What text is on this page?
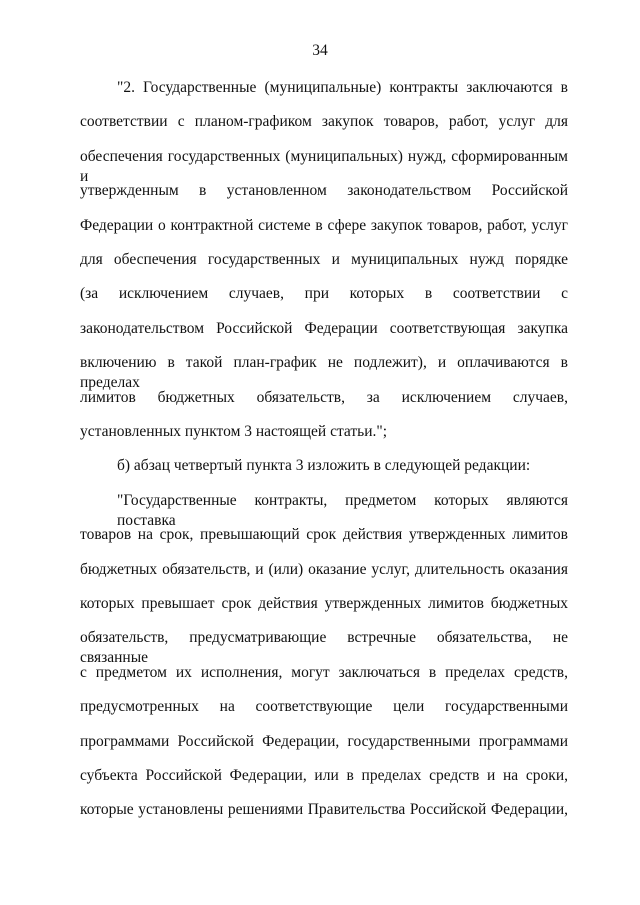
34
"2. Государственные (муниципальные) контракты заключаются в
соответствии с планом-графиком закупок товаров, работ, услуг для
обеспечения государственных (муниципальных) нужд, сформированным и
утвержденным в установленном законодательством Российской
Федерации о контрактной системе в сфере закупок товаров, работ, услуг
для обеспечения государственных и муниципальных нужд порядке
(за исключением случаев, при которых в соответствии с
законодательством Российской Федерации соответствующая закупка
включению в такой план-график не подлежит), и оплачиваются в пределах
лимитов бюджетных обязательств, за исключением случаев,
установленных пунктом 3 настоящей статьи.";
б) абзац четвертый пункта 3 изложить в следующей редакции:
"Государственные контракты, предметом которых являются поставка
товаров на срок, превышающий срок действия утвержденных лимитов
бюджетных обязательств, и (или) оказание услуг, длительность оказания
которых превышает срок действия утвержденных лимитов бюджетных
обязательств, предусматривающие встречные обязательства, не связанные
с предметом их исполнения, могут заключаться в пределах средств,
предусмотренных на соответствующие цели государственными
программами Российской Федерации, государственными программами
субъекта Российской Федерации, или в пределах средств и на сроки,
которые установлены решениями Правительства Российской Федерации,
